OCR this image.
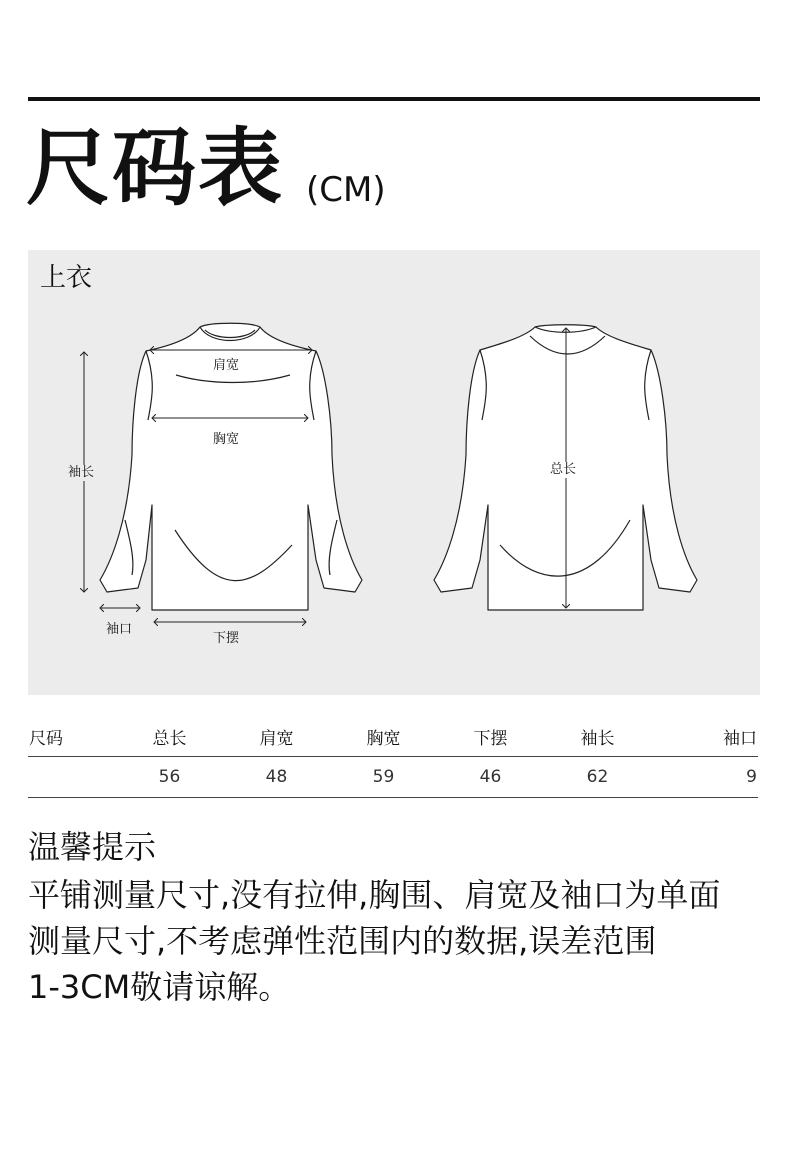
尺码表 (CM)
上衣
肩宽
胸宽
袖长
袖口
下摆
总长
尺码	总长	肩宽	胸宽	下摆	袖长	袖口
	56	48	59	46	62	9
温馨提示
平铺测量尺寸,没有拉伸,胸围、肩宽及袖口为单面
测量尺寸,不考虑弹性范围内的数据,误差范围
1-3CM敬请谅解。
